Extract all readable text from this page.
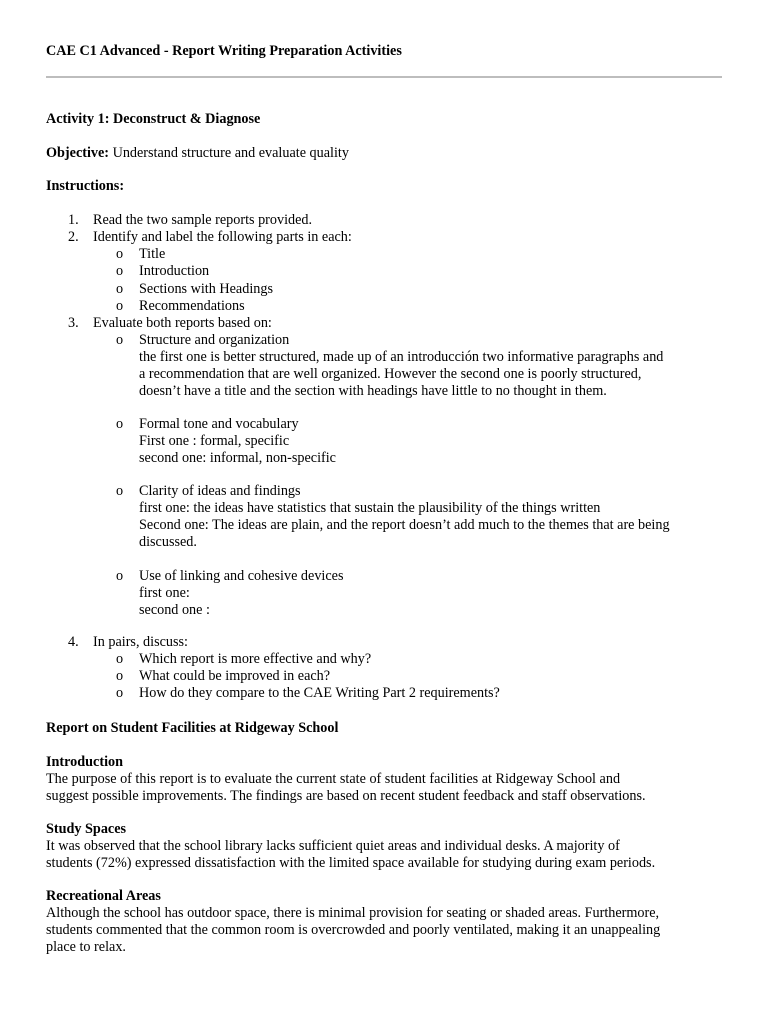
CAE C1 Advanced - Report Writing Preparation Activities
Activity 1: Deconstruct & Diagnose
Objective: Understand structure and evaluate quality
Instructions:
1. Read the two sample reports provided.
2. Identify and label the following parts in each:
o	Title
o	Introduction
o	Sections with Headings
o	Recommendations
3. Evaluate both reports based on:
o	Structure and organization
the first one is better structured, made up of an introducción two informative paragraphs and
a recommendation that are well organized. However the second one is poorly structured,
doesn’t have a title and the section with headings have little to no thought in them.
o	Formal tone and vocabulary
First one : formal, specific
second one: informal, non-specific
o	Clarity of ideas and findings
first one: the ideas have statistics that sustain the plausibility of the things written
Second one: The ideas are plain, and the report doesn’t add much to the themes that are being
discussed.
o	Use of linking and cohesive devices
first one:
second one :
4. In pairs, discuss:
o	Which report is more effective and why?
o	What could be improved in each?
o	How do they compare to the CAE Writing Part 2 requirements?
Report on Student Facilities at Ridgeway School
Introduction
The purpose of this report is to evaluate the current state of student facilities at Ridgeway School and
suggest possible improvements. The findings are based on recent student feedback and staff observations.
Study Spaces
It was observed that the school library lacks sufficient quiet areas and individual desks. A majority of
students (72%) expressed dissatisfaction with the limited space available for studying during exam periods.
Recreational Areas
Although the school has outdoor space, there is minimal provision for seating or shaded areas. Furthermore,
students commented that the common room is overcrowded and poorly ventilated, making it an unappealing
place to relax.
